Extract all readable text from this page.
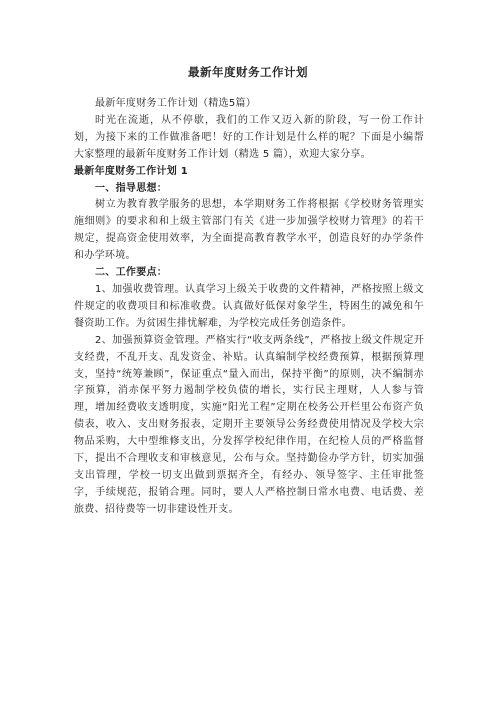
最新年度财务工作计划

最新年度财务工作计划（精选5篇）

时光在流逝，从不停歇，我们的工作又迈入新的阶段，写一份工作计划，为接下来的工作做准备吧！好的工作计划是什么样的呢？下面是小编帮大家整理的最新年度财务工作计划（精选 5 篇），欢迎大家分享。

最新年度财务工作计划 1

一、指导思想：

树立为教育教学服务的思想，本学期财务工作将根据《学校财务管理实施细则》的要求和和上级主管部门有关《进一步加强学校财力管理》的若干规定，提高资金使用效率，为全面提高教育教学水平，创造良好的办学条件和办学环境。

二、工作要点：

1、加强收费管理。认真学习上级关于收费的文件精神，严格按照上级文件规定的收费项目和标准收费。认真做好低保对象学生，特困生的减免和午餐资助工作。为贫困生排忧解难，为学校完成任务创造条件。

2、加强预算资金管理。严格实行“收支两条线”，严格按上级文件规定开支经费，不乱开支、乱发资金、补贴。认真编制学校经费预算，根据预算理支，坚持“统筹兼顾”，保证重点“量入而出，保持平衡”的原则，决不编制赤字预算，消赤保平努力遏制学校负债的增长，实行民主理财，人人参与管理，增加经费收支透明度，实施“阳光工程”定期在校务公开栏里公布资产负债表，收入、支出财务报表，定期开主要领导公务经费使用情况及学校大宗物品采购，大中型维修支出，分发挥学校纪律作用，在纪检人员的严格监督下，提出不合理收支和审核意见，公布与众。坚持勤俭办学方针，切实加强支出管理，学校一切支出做到票据齐全，有经办、领导签字、主任审批签字，手续规范，报销合理。同时，要人人严格控制日常水电费、电话费、差旅费、招待费等一切非建设性开支。
